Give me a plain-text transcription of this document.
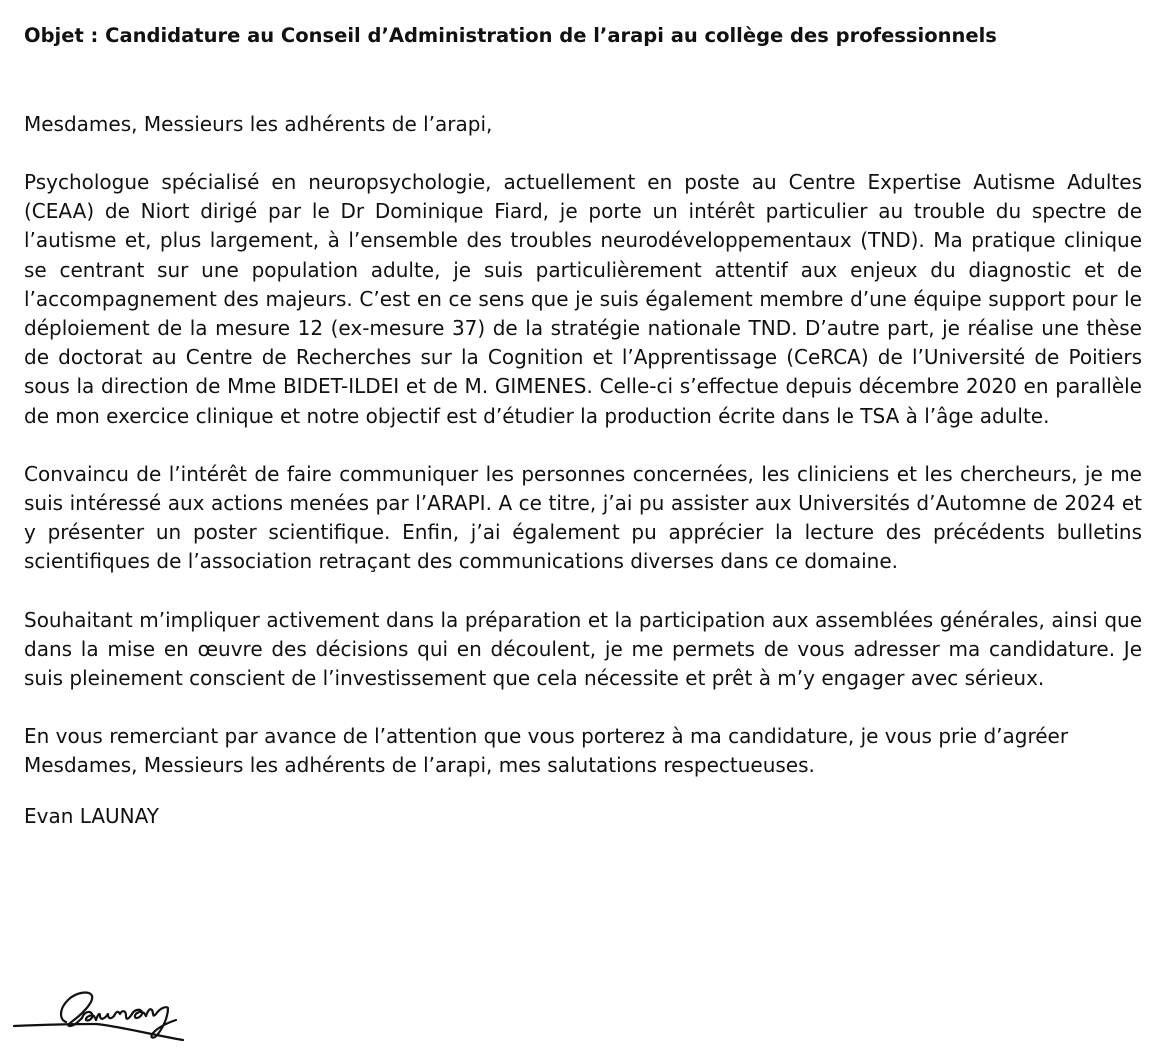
Objet : Candidature au Conseil d’Administration de l’arapi au collège des professionnels

Mesdames, Messieurs les adhérents de l’arapi,

Psychologue spécialisé en neuropsychologie, actuellement en poste au Centre Expertise Autisme Adultes (CEAA) de Niort dirigé par le Dr Dominique Fiard, je porte un intérêt particulier au trouble du spectre de l’autisme et, plus largement, à l’ensemble des troubles neurodéveloppementaux (TND). Ma pratique clinique se centrant sur une population adulte, je suis particulièrement attentif aux enjeux du diagnostic et de l’accompagnement des majeurs. C’est en ce sens que je suis également membre d’une équipe support pour le déploiement de la mesure 12 (ex-mesure 37) de la stratégie nationale TND. D’autre part, je réalise une thèse de doctorat au Centre de Recherches sur la Cognition et l’Apprentissage (CeRCA) de l’Université de Poitiers sous la direction de Mme BIDET-ILDEI et de M. GIMENES. Celle-ci s’effectue depuis décembre 2020 en parallèle de mon exercice clinique et notre objectif est d’étudier la production écrite dans le TSA à l’âge adulte.

Convaincu de l’intérêt de faire communiquer les personnes concernées, les cliniciens et les chercheurs, je me suis intéressé aux actions menées par l’ARAPI. A ce titre, j’ai pu assister aux Universités d’Automne de 2024 et y présenter un poster scientifique. Enfin, j’ai également pu apprécier la lecture des précédents bulletins scientifiques de l’association retraçant des communications diverses dans ce domaine.

Souhaitant m’impliquer activement dans la préparation et la participation aux assemblées générales, ainsi que dans la mise en œuvre des décisions qui en découlent, je me permets de vous adresser ma candidature. Je suis pleinement conscient de l’investissement que cela nécessite et prêt à m’y engager avec sérieux.

En vous remerciant par avance de l’attention que vous porterez à ma candidature, je vous prie d’agréer Mesdames, Messieurs les adhérents de l’arapi, mes salutations respectueuses.

Evan LAUNAY
